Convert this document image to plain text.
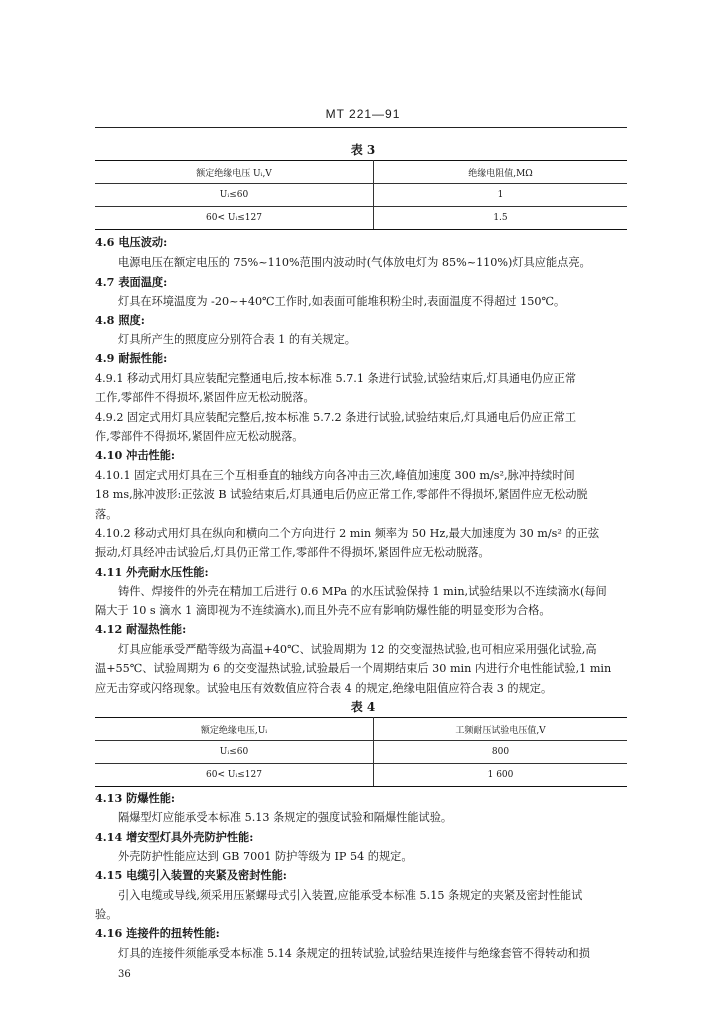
MT 221—91
表 3
额定绝缘电压 Uᵢ,V	绝缘电阻值,MΩ
Uᵢ≤60	1
60< Uᵢ≤127	1.5
4.6 电压波动:
电源电压在额定电压的 75%~110%范围内波动时(气体放电灯为 85%~110%)灯具应能点亮。
4.7 表面温度:
灯具在环境温度为 -20~+40℃工作时,如表面可能堆积粉尘时,表面温度不得超过 150℃。
4.8 照度:
灯具所产生的照度应分别符合表 1 的有关规定。
4.9 耐振性能:
4.9.1 移动式用灯具应装配完整通电后,按本标准 5.7.1 条进行试验,试验结束后,灯具通电仍应正常
工作,零部件不得损坏,紧固件应无松动脱落。
4.9.2 固定式用灯具应装配完整后,按本标准 5.7.2 条进行试验,试验结束后,灯具通电后仍应正常工
作,零部件不得损坏,紧固件应无松动脱落。
4.10 冲击性能:
4.10.1 固定式用灯具在三个互相垂直的轴线方向各冲击三次,峰值加速度 300 m/s²,脉冲持续时间
18 ms,脉冲波形:正弦波 B 试验结束后,灯具通电后仍应正常工作,零部件不得损坏,紧固件应无松动脱
落。
4.10.2 移动式用灯具在纵向和横向二个方向进行 2 min 频率为 50 Hz,最大加速度为 30 m/s² 的正弦
振动,灯具经冲击试验后,灯具仍正常工作,零部件不得损坏,紧固件应无松动脱落。
4.11 外壳耐水压性能:
铸件、焊接件的外壳在精加工后进行 0.6 MPa 的水压试验保持 1 min,试验结果以不连续滴水(每间
隔大于 10 s 滴水 1 滴即视为不连续滴水),而且外壳不应有影响防爆性能的明显变形为合格。
4.12 耐湿热性能:
灯具应能承受严酷等级为高温+40℃、试验周期为 12 的交变湿热试验,也可相应采用强化试验,高
温+55℃、试验周期为 6 的交变湿热试验,试验最后一个周期结束后 30 min 内进行介电性能试验,1 min
应无击穿或闪络现象。试验电压有效数值应符合表 4 的规定,绝缘电阻值应符合表 3 的规定。
表 4
额定绝缘电压,Uᵢ	工频耐压试验电压值,V
Uᵢ≤60	800
60< Uᵢ≤127	1 600
4.13 防爆性能:
隔爆型灯应能承受本标准 5.13 条规定的强度试验和隔爆性能试验。
4.14 增安型灯具外壳防护性能:
外壳防护性能应达到 GB 7001 防护等级为 IP 54 的规定。
4.15 电缆引入装置的夹紧及密封性能:
引入电缆或导线,须采用压紧螺母式引入装置,应能承受本标准 5.15 条规定的夹紧及密封性能试
验。
4.16 连接件的扭转性能:
灯具的连接件须能承受本标准 5.14 条规定的扭转试验,试验结果连接件与绝缘套管不得转动和损
36
